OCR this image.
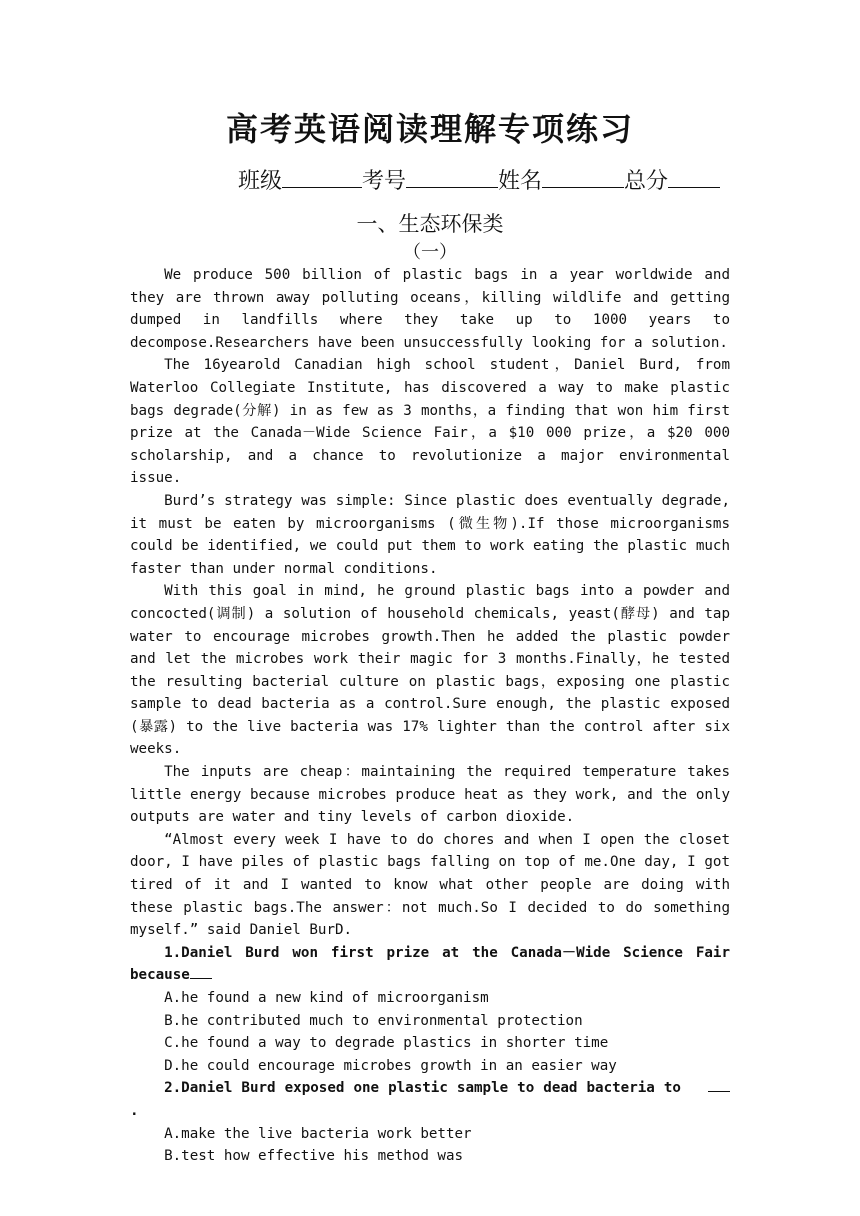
高考英语阅读理解专项练习
班级	考号	姓名	总分
一、生态环保类
（一）

We produce 500 billion of plastic bags in a year worldwide and they are thrown away polluting oceans，killing wildlife and getting dumped in landfills where they take up to 1000 years to decompose.Researchers have been unsuccessfully looking for a solution.

The 16yearold Canadian high school student，Daniel Burd, from Waterloo Collegiate Institute, has discovered a way to make plastic bags degrade(分解) in as few as 3 months，a finding that won him first prize at the Canada－Wide Science Fair，a $10 000 prize，a $20 000 scholarship, and a chance to revolutionize a major environmental issue.

Burd’s strategy was simple: Since plastic does eventually degrade, it must be eaten by microorganisms (微生物).If those microorganisms could be identified, we could put them to work eating the plastic much faster than under normal conditions.

With this goal in mind, he ground plastic bags into a powder and concocted(调制) a solution of household chemicals, yeast(酵母) and tap water to encourage microbes growth.Then he added the plastic powder and let the microbes work their magic for 3 months.Finally，he tested the resulting bacterial culture on plastic bags，exposing one plastic sample to dead bacteria as a control.Sure enough, the plastic exposed (暴露) to the live bacteria was 17% lighter than the control after six weeks.

The inputs are cheap：maintaining the required temperature takes little energy because microbes produce heat as they work, and the only outputs are water and tiny levels of carbon dioxide.

“Almost every week I have to do chores and when I open the closet door, I have piles of plastic bags falling on top of me.One day, I got tired of it and I wanted to know what other people are doing with these plastic bags.The answer：not much.So I decided to do something myself.” said Daniel BurD.

1.Daniel Burd won first prize at the Canada－Wide Science Fair because

A.he found a new kind of microorganism

B.he contributed much to environmental protection

C.he found a way to degrade plastics in shorter time

D.he could encourage microbes growth in an easier way

2.Daniel Burd exposed one plastic sample to dead bacteria to   .

A.make the live bacteria work better

B.test how effective his method was
